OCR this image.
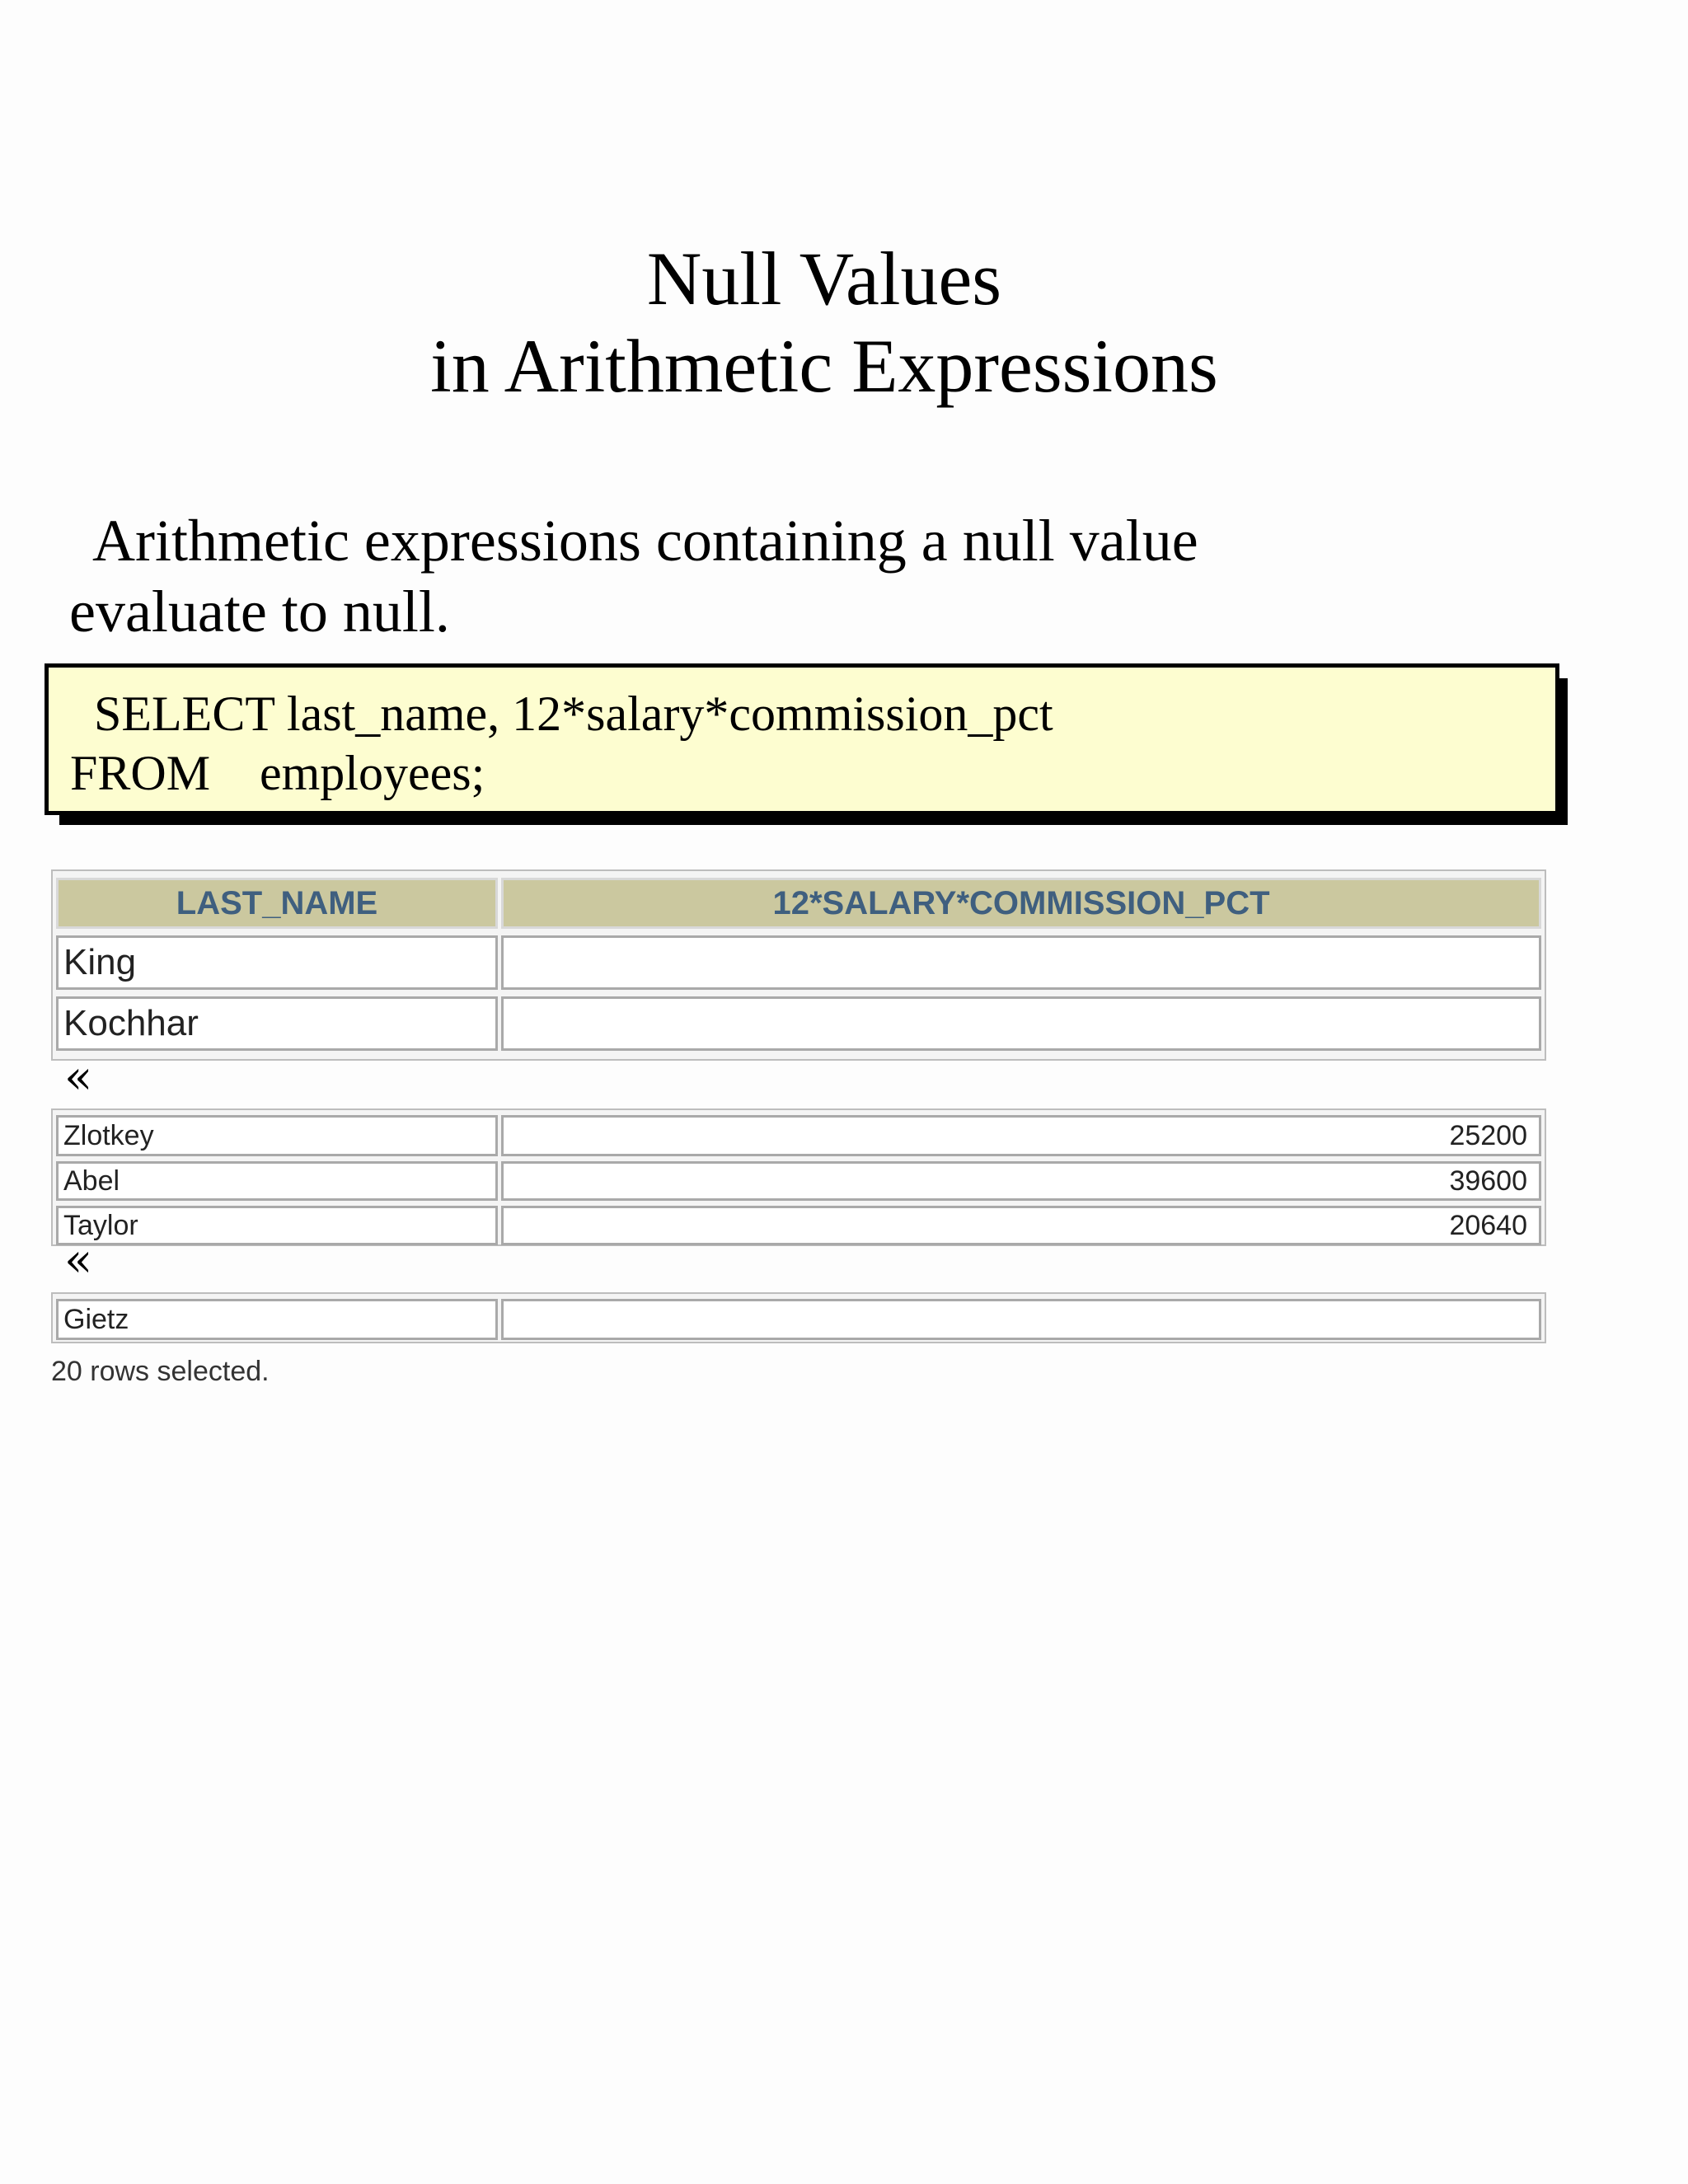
Null Values
in Arithmetic Expressions
Arithmetic expressions containing a null value
evaluate to null.
SELECT last_name, 12*salary*commission_pct
FROM employees;
LAST_NAME	12*SALARY*COMMISSION_PCT
King
Kochhar
«
Zlotkey	25200
Abel	39600
Taylor	20640
«
Gietz
20 rows selected.
